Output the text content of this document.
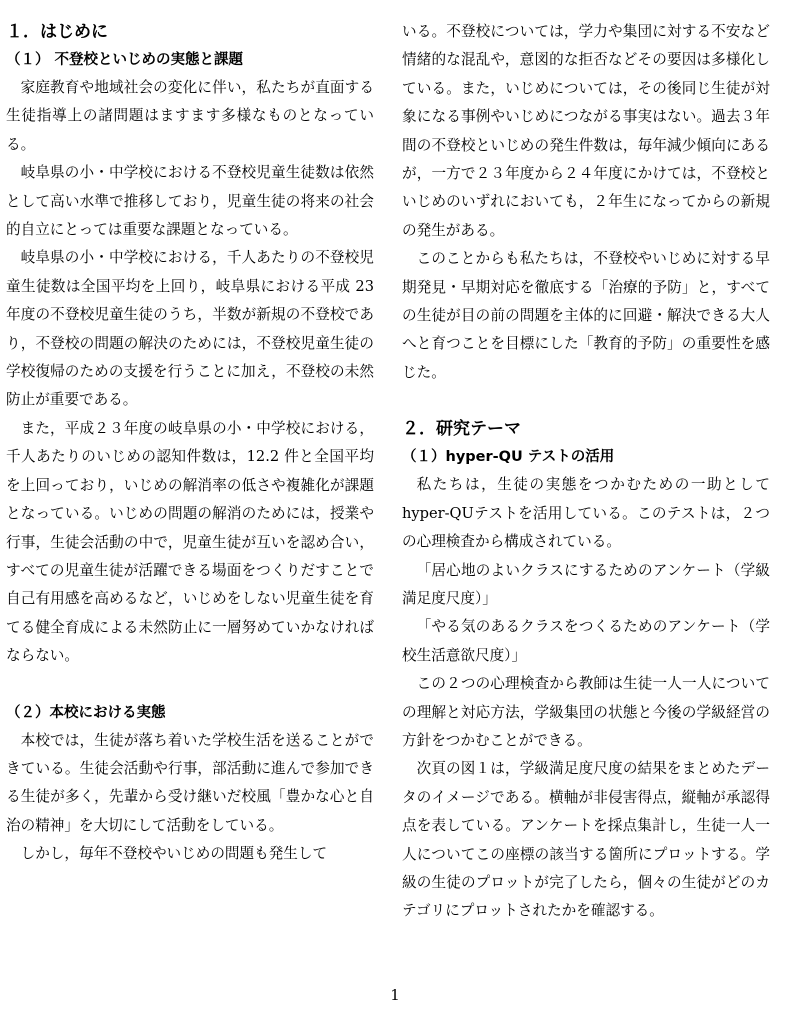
１．はじめに
（１） 不登校といじめの実態と課題

家庭教育や地域社会の変化に伴い，私たちが直面する生徒指導上の諸問題はますます多様なものとなっている。

岐阜県の小・中学校における不登校児童生徒数は依然として高い水準で推移しており，児童生徒の将来の社会的自立にとっては重要な課題となっている。

岐阜県の小・中学校における，千人あたりの不登校児童生徒数は全国平均を上回り，岐阜県における平成 23 年度の不登校児童生徒のうち，半数が新規の不登校であり，不登校の問題の解決のためには，不登校児童生徒の学校復帰のための支援を行うことに加え，不登校の未然防止が重要である。

また，平成２３年度の岐阜県の小・中学校における，千人あたりのいじめの認知件数は，12.2 件と全国平均を上回っており，いじめの解消率の低さや複雑化が課題となっている。いじめの問題の解消のためには，授業や行事，生徒会活動の中で，児童生徒が互いを認め合い，すべての児童生徒が活躍できる場面をつくりだすことで自己有用感を高めるなど，いじめをしない児童生徒を育てる健全育成による未然防止に一層努めていかなければならない。

（２）本校における実態

本校では，生徒が落ち着いた学校生活を送ることができている。生徒会活動や行事，部活動に進んで参加できる生徒が多く，先輩から受け継いだ校風「豊かな心と自治の精神」を大切にして活動をしている。

しかし，毎年不登校やいじめの問題も発生して

いる。不登校については，学力や集団に対する不安など情緒的な混乱や，意図的な拒否などその要因は多様化している。また，いじめについては，その後同じ生徒が対象になる事例やいじめにつながる事実はない。過去３年間の不登校といじめの発生件数は，毎年減少傾向にあるが，一方で２３年度から２４年度にかけては，不登校といじめのいずれにおいても，２年生になってからの新規の発生がある。

このことからも私たちは，不登校やいじめに対する早期発見・早期対応を徹底する「治療的予防」と，すべての生徒が目の前の問題を主体的に回避・解決できる大人へと育つことを目標にした「教育的予防」の重要性を感じた。

２．研究テーマ
（１）hyper-QU テストの活用

私たちは，生徒の実態をつかむための一助としてhyper-QUテストを活用している。このテストは，２つの心理検査から構成されている。

「居心地のよいクラスにするためのアンケート（学級満足度尺度）」

「やる気のあるクラスをつくるためのアンケート（学校生活意欲尺度）」

この２つの心理検査から教師は生徒一人一人についての理解と対応方法，学級集団の状態と今後の学級経営の方針をつかむことができる。

次頁の図１は，学級満足度尺度の結果をまとめたデータのイメージである。横軸が非侵害得点，縦軸が承認得点を表している。アンケートを採点集計し，生徒一人一人についてこの座標の該当する箇所にプロットする。学級の生徒のプロットが完了したら，個々の生徒がどのカテゴリにプロットされたかを確認する。

1
